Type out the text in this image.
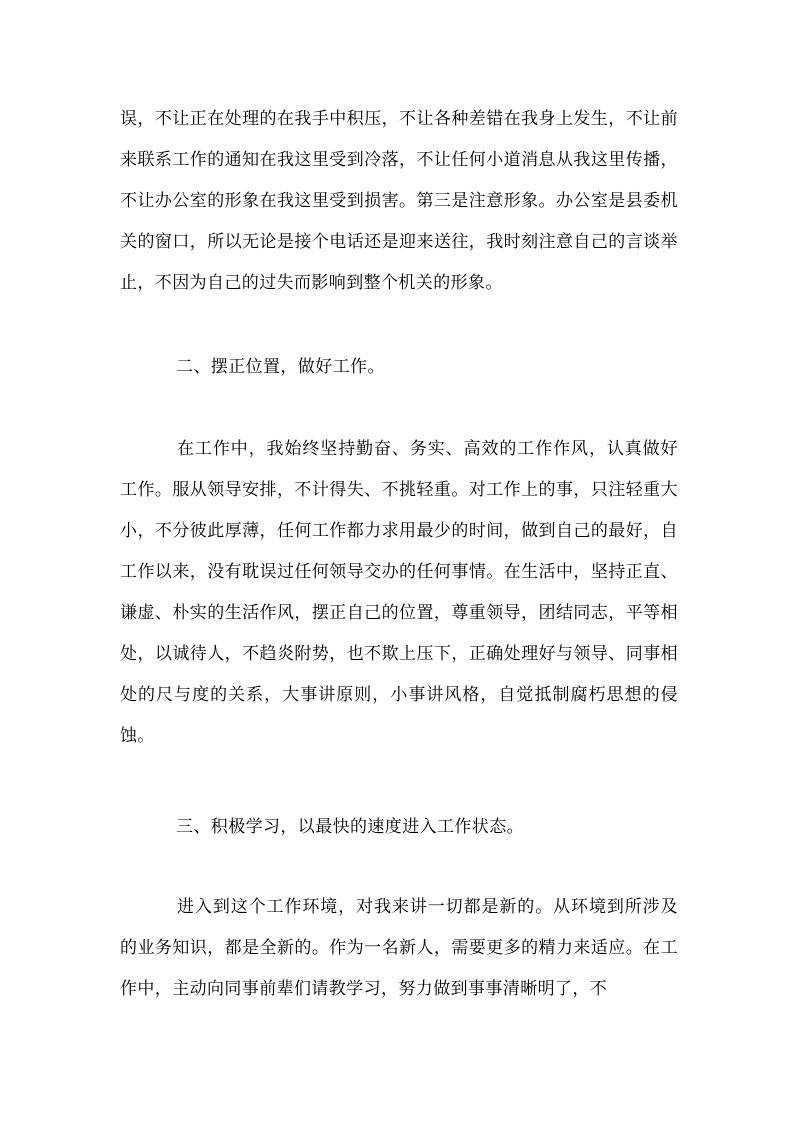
误，不让正在处理的在我手中积压，不让各种差错在我身上发生，不让前来联系工作的通知在我这里受到冷落，不让任何小道消息从我这里传播，不让办公室的形象在我这里受到损害。第三是注意形象。办公室是县委机关的窗口，所以无论是接个电话还是迎来送往，我时刻注意自己的言谈举止，不因为自己的过失而影响到整个机关的形象。
二、摆正位置，做好工作。
在工作中，我始终坚持勤奋、务实、高效的工作作风，认真做好工作。服从领导安排，不计得失、不挑轻重。对工作上的事，只注轻重大小，不分彼此厚薄，任何工作都力求用最少的时间，做到自己的最好，自工作以来，没有耽误过任何领导交办的任何事情。在生活中，坚持正直、谦虚、朴实的生活作风，摆正自己的位置，尊重领导，团结同志，平等相处，以诚待人，不趋炎附势，也不欺上压下，正确处理好与领导、同事相处的尺与度的关系，大事讲原则，小事讲风格，自觉抵制腐朽思想的侵蚀。
三、积极学习，以最快的速度进入工作状态。
进入到这个工作环境，对我来讲一切都是新的。从环境到所涉及的业务知识，都是全新的。作为一名新人，需要更多的精力来适应。在工作中，主动向同事前辈们请教学习，努力做到事事清晰明了，不
